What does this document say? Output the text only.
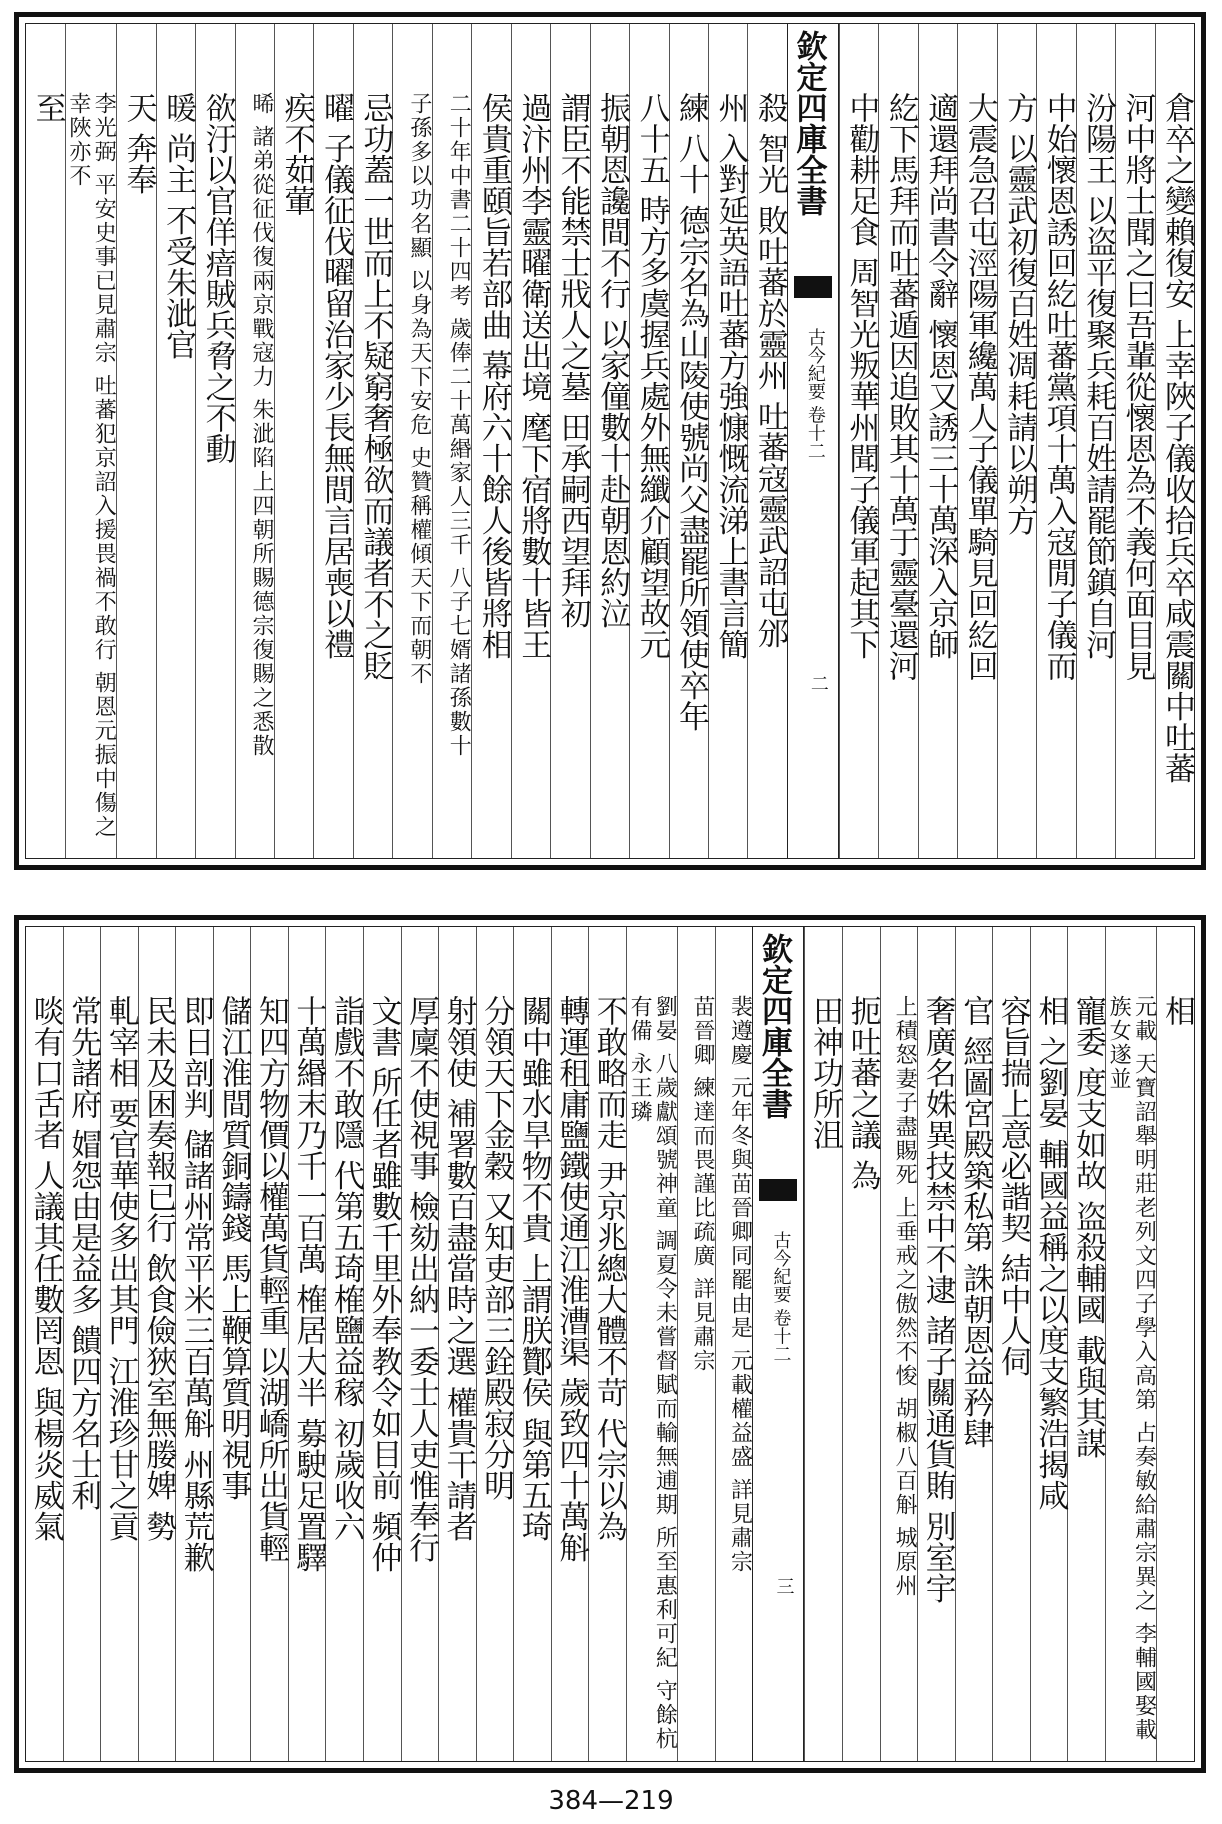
倉卒之變賴復安 上幸陜子儀收拾兵卒咸震關中吐蕃
河中將士聞之曰吾輩從懷恩為不義何面目見
汾陽王 以盗平復聚兵耗百姓請罷節鎮自河
中始懷恩誘回紇吐蕃黨項十萬入寇閒子儀而
方 以靈武初復百姓凋耗請以朔方
大震急召屯涇陽軍纔萬人子儀單騎見回紇回
適還拜尚書令辭 懷恩又誘三十萬深入京師
紇下馬拜而吐蕃遁因追敗其十萬于靈臺還河
中勸耕足食 周智光叛華州聞子儀軍起其下
欽定四庫全書
古今紀要 卷十二
二
殺 智光 敗吐蕃於靈州 吐蕃寇靈武詔屯邠
州 入對延英語吐蕃方強慷慨流涕上書言簡
練 八十 德宗名為山陵使號尚父盡罷所領使卒年
八十五 時方多虞握兵處外無纖介顧望故元
振朝恩讒間不行 以家僮數十赴朝恩約泣
謂臣不能禁士戕人之墓 田承嗣西望拜初
過汴州李靈曜衛送出境 麾下宿將數十皆王
侯貴重頤旨若部曲 幕府六十餘人後皆將相
二十年中書二十四考 歲俸二十萬緡家人三千 八子七婿諸孫數十
子孫多以功名顯 以身為天下安危 史贊稱權傾天下而朝不
忌功蓋一世而上不疑窮奢極欲而議者不之貶
曜 子儀征伐曜留治家少長無間言居喪以禮
疾不茹葷
晞 諸弟從征伐復兩京戰寇力 朱泚陷上四朝所賜德宗復賜之悉散
欲汙以官佯瘖賊兵脅之不動
暖 尚主 不受朱泚官
天 奔奉
李光弼 平安史事已見肅宗 吐蕃犯京詔入援畏禍不敢行 朝恩元振中傷之 幸陜亦不
至
相
元載 天寶詔舉明莊老列文四子學入高第 占奏敏給肅宗異之 李輔國娶載族女遂並
寵委 度支如故 盗殺輔國 載與其謀
相 之劉晏 輔國益稱之以度支繁浩揭咸
容旨揣上意必諧契 結中人伺
官 經圖宮殿築私第 誅朝恩益矜肆
奢廣名姝異技禁中不逮 諸子關通貨賄 別室宇
上積怒妻子盡賜死 上垂戒之傲然不悛 胡椒八百斛 城原州
扼吐蕃之議 為
田神功所沮
欽定四庫全書
古今紀要 卷十二
三
裴遵慶 元年冬與苗晉卿同罷由是 元載權益盛 詳見肅宗
苗晉卿 練達而畏謹比疏廣 詳見肅宗
劉晏 八歲獻頌號神童 調夏令未嘗督賦而輸無逋期 所至惠利可紀 守餘杭有備 永王璘
不敢略而走 尹京兆總大體不苛 代宗以為
轉運租庸鹽鐵使通江淮漕渠 歲致四十萬斛
關中雖水旱物不貴 上謂朕酇侯 與第五琦
分領天下金穀 又知吏部三銓殿寂分明
射領使 補署數百盡當時之選 權貴干請者
厚廩不使視事 檢劾出納一委士人吏惟奉行
文書 所任者雖數千里外奉教令如目前 頻仲
詣戲不敢隱 代第五琦榷鹽益稼 初歲收六
十萬緡末乃千一百萬 榷居大半 募駛足置驛
知四方物價以權萬貨輕重 以湖嶠所出貨輕
儲江淮間質銅鑄錢 馬上鞭算質明視事
即日剖判 儲諸州常平米三百萬斛 州縣荒歉
民未及困奏報已行 飲食儉狹室無媵婢 勢
軋宰相 要官華使多出其門 江淮珍甘之貢
常先諸府 媢怨由是益多 饋四方名士利
啖有口舌者 人議其任數罔恩 與楊炎威氣
384—219
